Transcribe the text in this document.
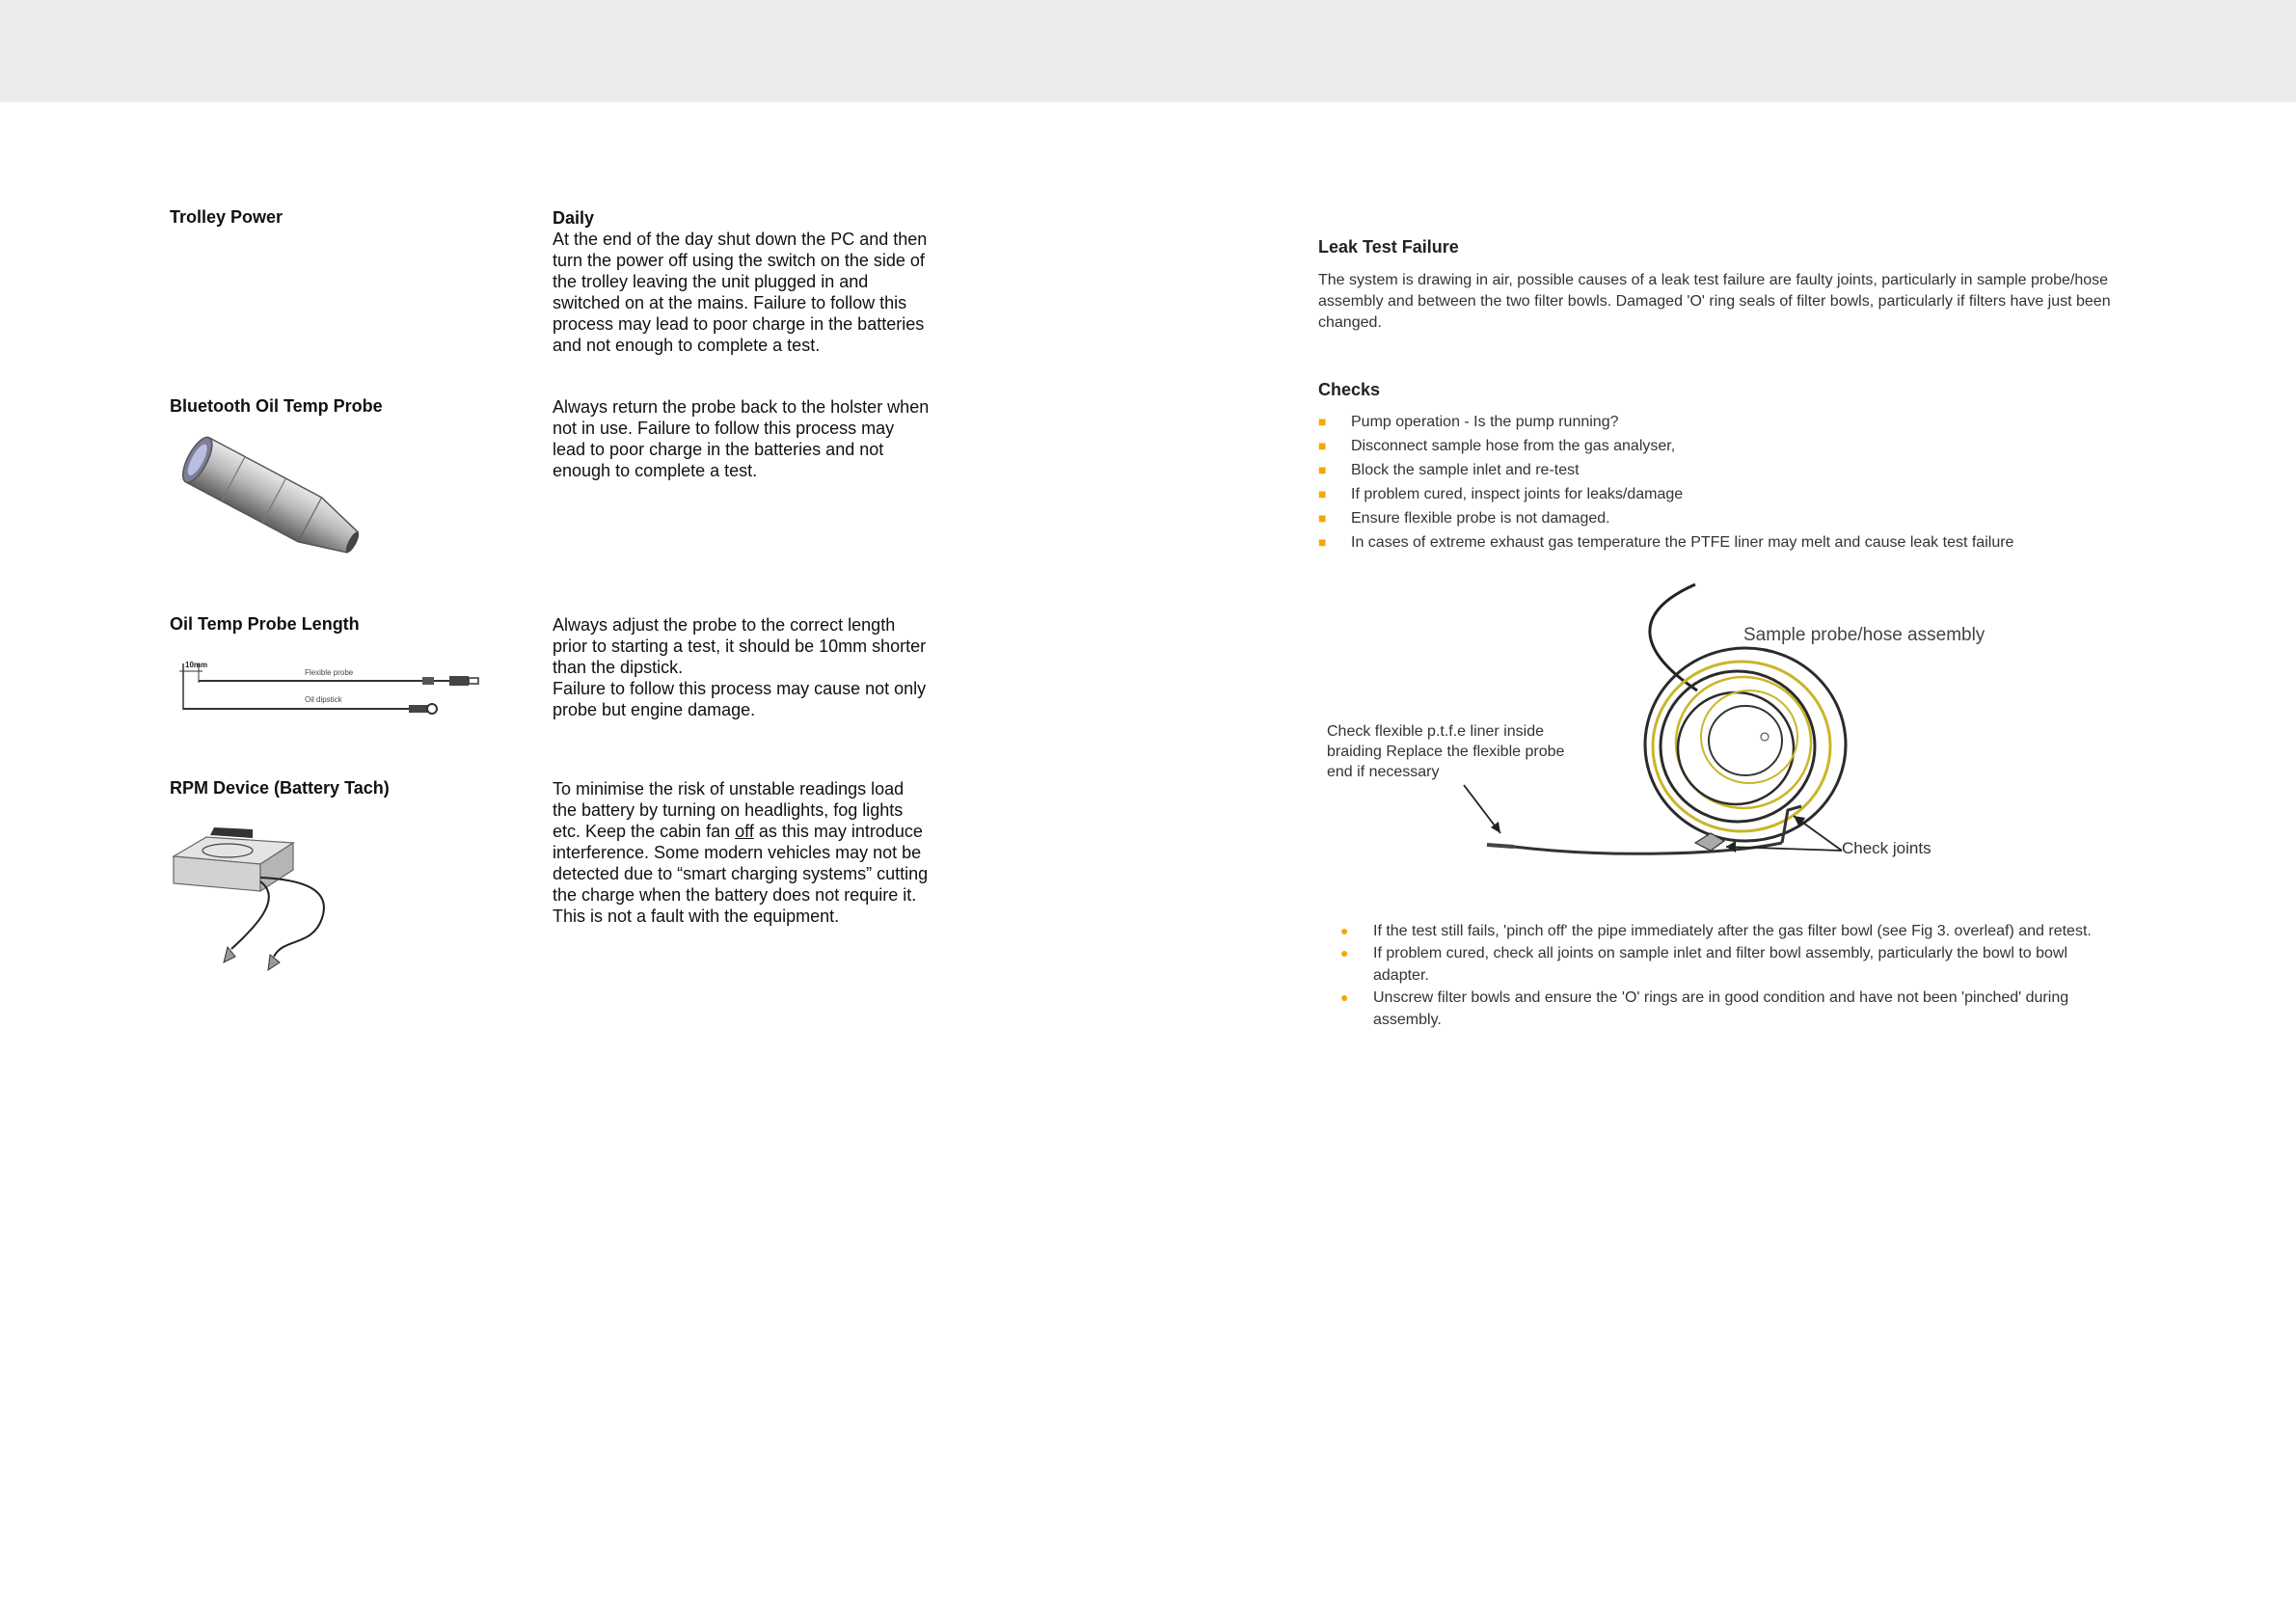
Trolley Power	Daily
At the end of the day shut down the PC and then turn the power off using the switch on the side of the trolley leaving the unit plugged in and switched on at the mains. Failure to follow this process may lead to poor charge in the batteries and not enough to complete a test.
Bluetooth Oil Temp Probe	Always return the probe back to the holster when not in use. Failure to follow this process may lead to poor charge in the batteries and not enough to complete a test.
Oil Temp Probe Length	Always adjust the probe to the correct length prior to starting a test, it should be 10mm shorter than the dipstick.
Failure to follow this process may cause not only probe but engine damage.
10mm
Flexible probe
Oil dipstick
RPM Device (Battery Tach)	To minimise the risk of unstable readings load the battery by turning on headlights, fog lights etc. Keep the cabin fan off as this may introduce interference. Some modern vehicles may not be detected due to “smart charging systems” cutting the charge when the battery does not require it. This is not a fault with the equipment.
Leak Test Failure
The system is drawing in air, possible causes of a leak test failure are faulty joints, particularly in sample probe/hose assembly and between the two filter bowls. Damaged 'O' ring seals of filter bowls, particularly if filters have just been changed.
Checks
■ Pump operation - Is the pump running?
■ Disconnect sample hose from the gas analyser,
■ Block the sample inlet and re-test
■ If problem cured, inspect joints for leaks/damage
■ Ensure flexible probe is not damaged.
■ In cases of extreme exhaust gas temperature the PTFE liner may melt and cause leak test failure
Sample probe/hose assembly
Check flexible p.t.f.e liner inside
braiding Replace the flexible probe
end if necessary
Check joints
● If the test still fails, 'pinch off' the pipe immediately after the gas filter bowl (see Fig 3. overleaf) and retest.
● If problem cured, check all joints on sample inlet and filter bowl assembly, particularly the bowl to bowl adapter.
● Unscrew filter bowls and ensure the 'O' rings are in good condition and have not been 'pinched' during assembly.
